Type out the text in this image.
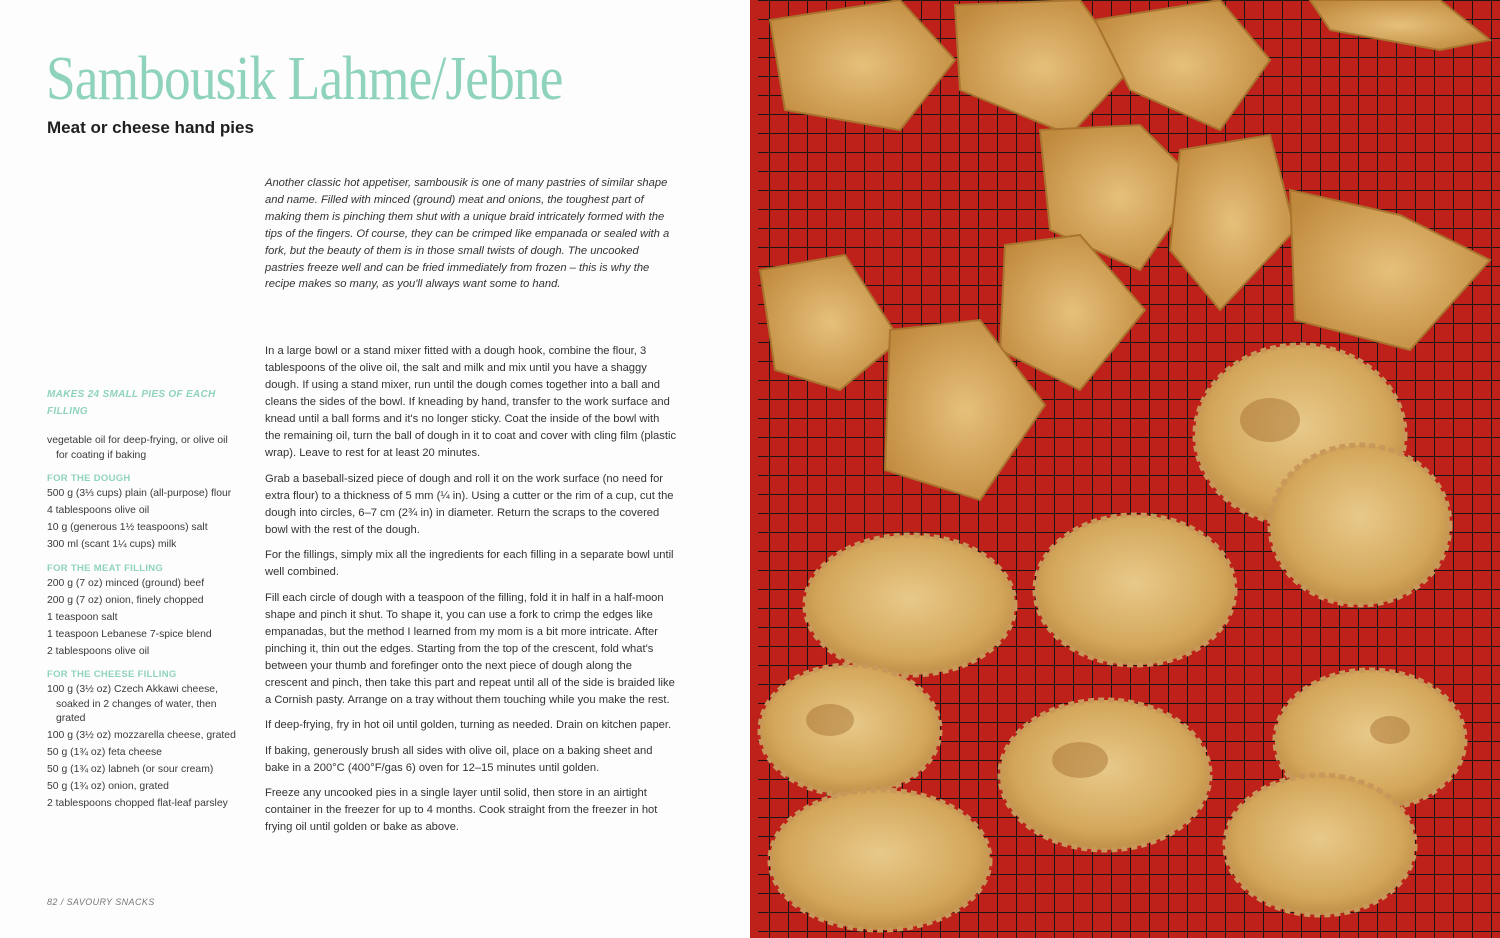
Sambousik Lahme/Jebne
Meat or cheese hand pies

Another classic hot appetiser, sambousik is one of many pastries of similar shape and name. Filled with minced (ground) meat and onions, the toughest part of making them is pinching them shut with a unique braid intricately formed with the tips of the fingers. Of course, they can be crimped like empanada or sealed with a fork, but the beauty of them is in those small twists of dough. The uncooked pastries freeze well and can be fried immediately from frozen – this is why the recipe makes so many, as you'll always want some to hand.

MAKES 24 SMALL PIES OF EACH FILLING

vegetable oil for deep-frying, or olive oil for coating if baking
FOR THE DOUGH
500 g (3⅓ cups) plain (all-purpose) flour
4 tablespoons olive oil
10 g (generous 1½ teaspoons) salt
300 ml (scant 1¼ cups) milk
FOR THE MEAT FILLING
200 g (7 oz) minced (ground) beef
200 g (7 oz) onion, finely chopped
1 teaspoon salt
1 teaspoon Lebanese 7-spice blend
2 tablespoons olive oil
FOR THE CHEESE FILLING
100 g (3½ oz) Czech Akkawi cheese, soaked in 2 changes of water, then grated
100 g (3½ oz) mozzarella cheese, grated
50 g (1¾ oz) feta cheese
50 g (1¾ oz) labneh (or sour cream)
50 g (1¾ oz) onion, grated
2 tablespoons chopped flat-leaf parsley

In a large bowl or a stand mixer fitted with a dough hook, combine the flour, 3 tablespoons of the olive oil, the salt and milk and mix until you have a shaggy dough. If using a stand mixer, run until the dough comes together into a ball and cleans the sides of the bowl. If kneading by hand, transfer to the work surface and knead until a ball forms and it's no longer sticky. Coat the inside of the bowl with the remaining oil, turn the ball of dough in it to coat and cover with cling film (plastic wrap). Leave to rest for at least 20 minutes.

Grab a baseball-sized piece of dough and roll it on the work surface (no need for extra flour) to a thickness of 5 mm (¼ in). Using a cutter or the rim of a cup, cut the dough into circles, 6–7 cm (2¾ in) in diameter. Return the scraps to the covered bowl with the rest of the dough.

For the fillings, simply mix all the ingredients for each filling in a separate bowl until well combined.

Fill each circle of dough with a teaspoon of the filling, fold it in half in a half-moon shape and pinch it shut. To shape it, you can use a fork to crimp the edges like empanadas, but the method I learned from my mom is a bit more intricate. After pinching it, thin out the edges. Starting from the top of the crescent, fold what's between your thumb and forefinger onto the next piece of dough along the crescent and pinch, then take this part and repeat until all of the side is braided like a Cornish pasty. Arrange on a tray without them touching while you make the rest.

If deep-frying, fry in hot oil until golden, turning as needed. Drain on kitchen paper.

If baking, generously brush all sides with olive oil, place on a baking sheet and bake in a 200°C (400°F/gas 6) oven for 12–15 minutes until golden.

Freeze any uncooked pies in a single layer until solid, then store in an airtight container in the freezer for up to 4 months. Cook straight from the freezer in hot frying oil until golden or bake as above.

82 / SAVOURY SNACKS
